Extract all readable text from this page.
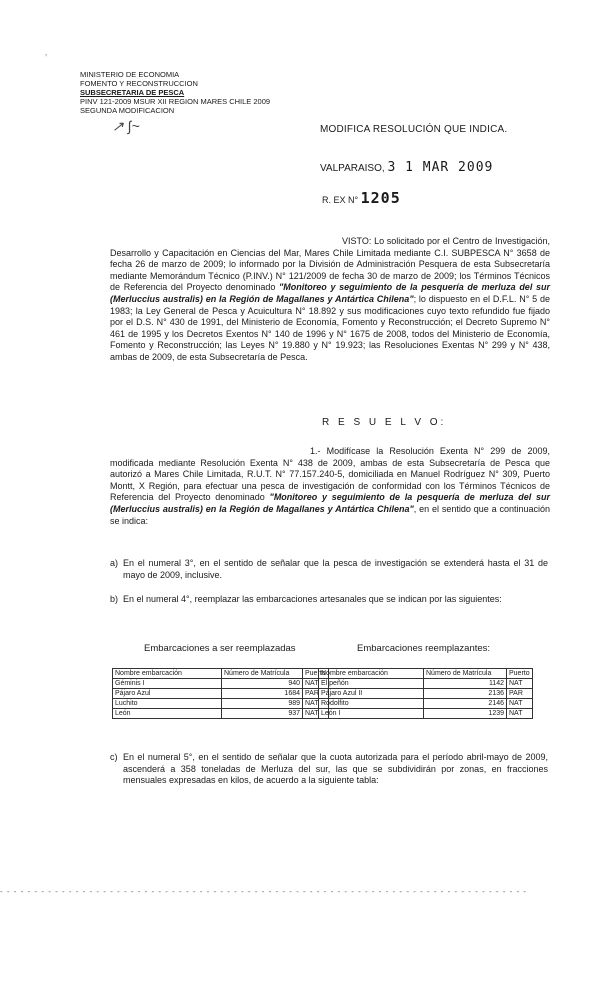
‚
MINISTERIO DE ECONOMIA
FOMENTO Y RECONSTRUCCION
SUBSECRETARIA DE PESCA
PINV 121-2009 MSUR XII REGION MARES CHILE 2009
SEGUNDA MODIFICACION
↗ ∫~	MODIFICA RESOLUCIÓN QUE INDICA.
VALPARAISO, 3 1 MAR 2009
R. EX N° 1205
VISTO: Lo solicitado por el Centro de Investigación, Desarrollo y Capacitación en Ciencias del Mar, Mares Chile Limitada mediante C.I. SUBPESCA N° 3658 de fecha 26 de marzo de 2009; lo informado por la División de Administración Pesquera de esta Subsecretaría mediante Memorándum Técnico (P.INV.) N° 121/2009 de fecha 30 de marzo de 2009; los Términos Técnicos de Referencia del Proyecto denominado "Monitoreo y seguimiento de la pesquería de merluza del sur (Merluccius australis) en la Región de Magallanes y Antártica Chilena"; lo dispuesto en el D.F.L. N° 5 de 1983; la Ley General de Pesca y Acuicultura N° 18.892 y sus modificaciones cuyo texto refundido fue fijado por el D.S. N° 430 de 1991, del Ministerio de Economía, Fomento y Reconstrucción; el Decreto Supremo N° 461 de 1995 y los Decretos Exentos N° 140 de 1996 y N° 1675 de 2008, todos del Ministerio de Economía, Fomento y Reconstrucción; las Leyes N° 19.880 y N° 19.923; las Resoluciones Exentas N° 299 y N° 438, ambas de 2009, de esta Subsecretaría de Pesca.
R E S U E L V O:
1.- Modifícase la Resolución Exenta N° 299 de 2009, modificada mediante Resolución Exenta N° 438 de 2009, ambas de esta Subsecretaría de Pesca que autorizó a Mares Chile Limitada, R.U.T. N° 77.157.240-5, domiciliada en Manuel Rodríguez N° 309, Puerto Montt, X Región, para efectuar una pesca de investigación de conformidad con los Términos Técnicos de Referencia del Proyecto denominado "Monitoreo y seguimiento de la pesquería de merluza del sur (Merluccius australis) en la Región de Magallanes y Antártica Chilena", en el sentido que a continuación se indica:
a) En el numeral 3°, en el sentido de señalar que la pesca de investigación se extenderá hasta el 31 de mayo de 2009, inclusive.
b) En el numeral 4°, reemplazar las embarcaciones artesanales que se indican por las siguientes:
Embarcaciones a ser reemplazadas	Embarcaciones reemplazantes:
Nombre embarcación	Número de Matrícula	Puerto
Géminis I	940	NAT
Pájaro Azul	1684	PAR
Luchito	989	NAT
León	937	NAT
Nombre embarcación	Número de Matrícula	Puerto
El peñón	1142	NAT
Pájaro Azul II	2136	PAR
Rodolfito	2146	NAT
León I	1239	NAT
c) En el numeral 5°, en el sentido de señalar que la cuota autorizada para el período abril-mayo de 2009, ascenderá a 358 toneladas de Merluza del sur, las que se subdividirán por zonas, en fracciones mensuales expresadas en kilos, de acuerdo a la siguiente tabla:
‐ ‐ ‐ ‐ ‐ ‐ ‐ ‐ ‐ ‐ ‐ ‐ ‐ ‐ ‐ ‐ ‐ ‐ ‐ ‐ ‐ ‐ ‐ ‐ ‐ ‐ ‐ ‐ ‐ ‐ ‐ ‐ ‐ ‐ ‐ ‐ ‐ ‐ ‐ ‐ ‐ ‐ ‐ ‐ ‐ ‐ ‐ ‐ ‐ ‐ ‐ ‐ ‐ ‐ ‐ ‐ ‐ ‐ ‐ ‐ ‐ ‐ ‐ ‐ ‐ ‐ ‐ ‐ ‐ ‐ ‐ ‐ ‐ ‐ ‐ ‐ ‐
